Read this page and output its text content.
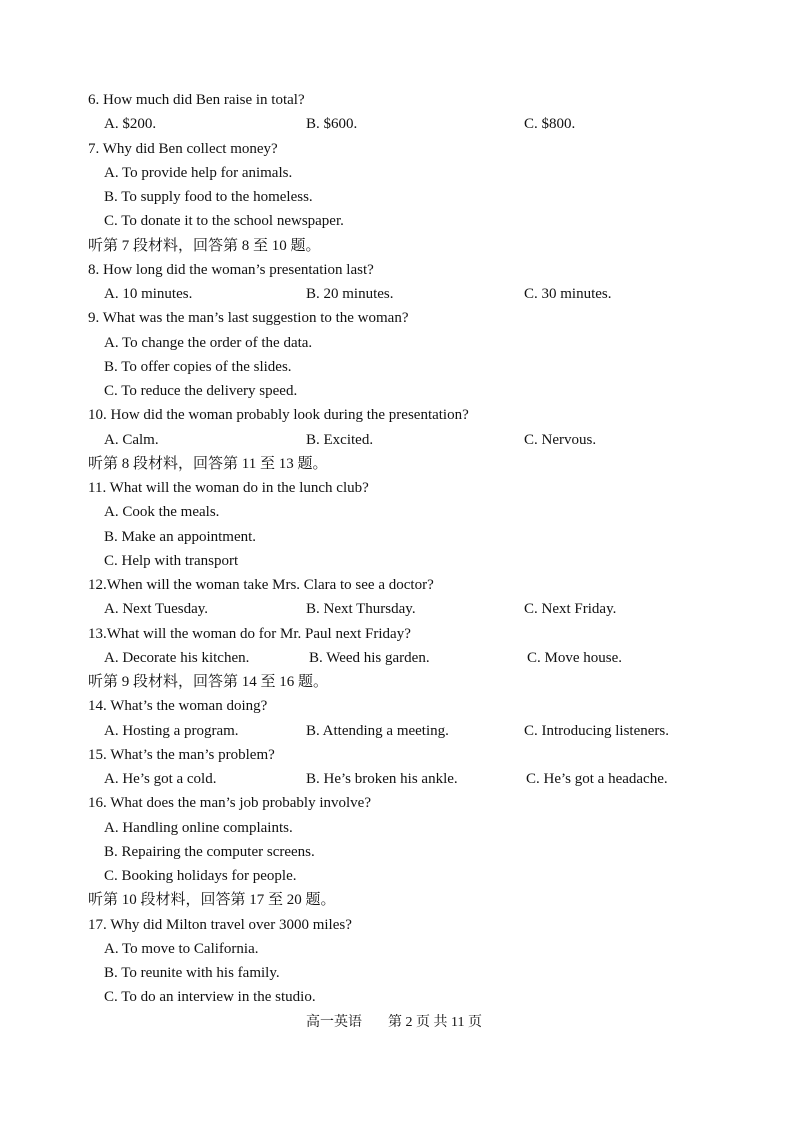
6. How much did Ben raise in total?
A. $200.	B. $600.	C. $800.
7. Why did Ben collect money?
A. To provide help for animals.
B. To supply food to the homeless.
C. To donate it to the school newspaper.
听第 7 段材料，回答第 8 至 10 题。
8. How long did the woman’s presentation last?
A. 10 minutes.	B. 20 minutes.	C. 30 minutes.
9. What was the man’s last suggestion to the woman?
A. To change the order of the data.
B. To offer copies of the slides.
C. To reduce the delivery speed.
10. How did the woman probably look during the presentation?
A. Calm.	B. Excited.	C. Nervous.
听第 8 段材料，回答第 11 至 13 题。
11. What will the woman do in the lunch club?
A. Cook the meals.
B. Make an appointment.
C. Help with transport
12.When will the woman take Mrs. Clara to see a doctor?
A. Next Tuesday.	B. Next Thursday.	C. Next Friday.
13.What will the woman do for Mr. Paul next Friday?
A. Decorate his kitchen.	B. Weed his garden.	C. Move house.
听第 9 段材料，回答第 14 至 16 题。
14. What’s the woman doing?
A. Hosting a program.	B. Attending a meeting.	C. Introducing listeners.
15. What’s the man’s problem?
A. He’s got a cold.	B. He’s broken his ankle.	C. He’s got a headache.
16. What does the man’s job probably involve?
A. Handling online complaints.
B. Repairing the computer screens.
C. Booking holidays for people.
听第 10 段材料，回答第 17 至 20 题。
17. Why did Milton travel over 3000 miles?
A. To move to California.
B. To reunite with his family.
C. To do an interview in the studio.
高一英语 第 2 页 共 11 页
